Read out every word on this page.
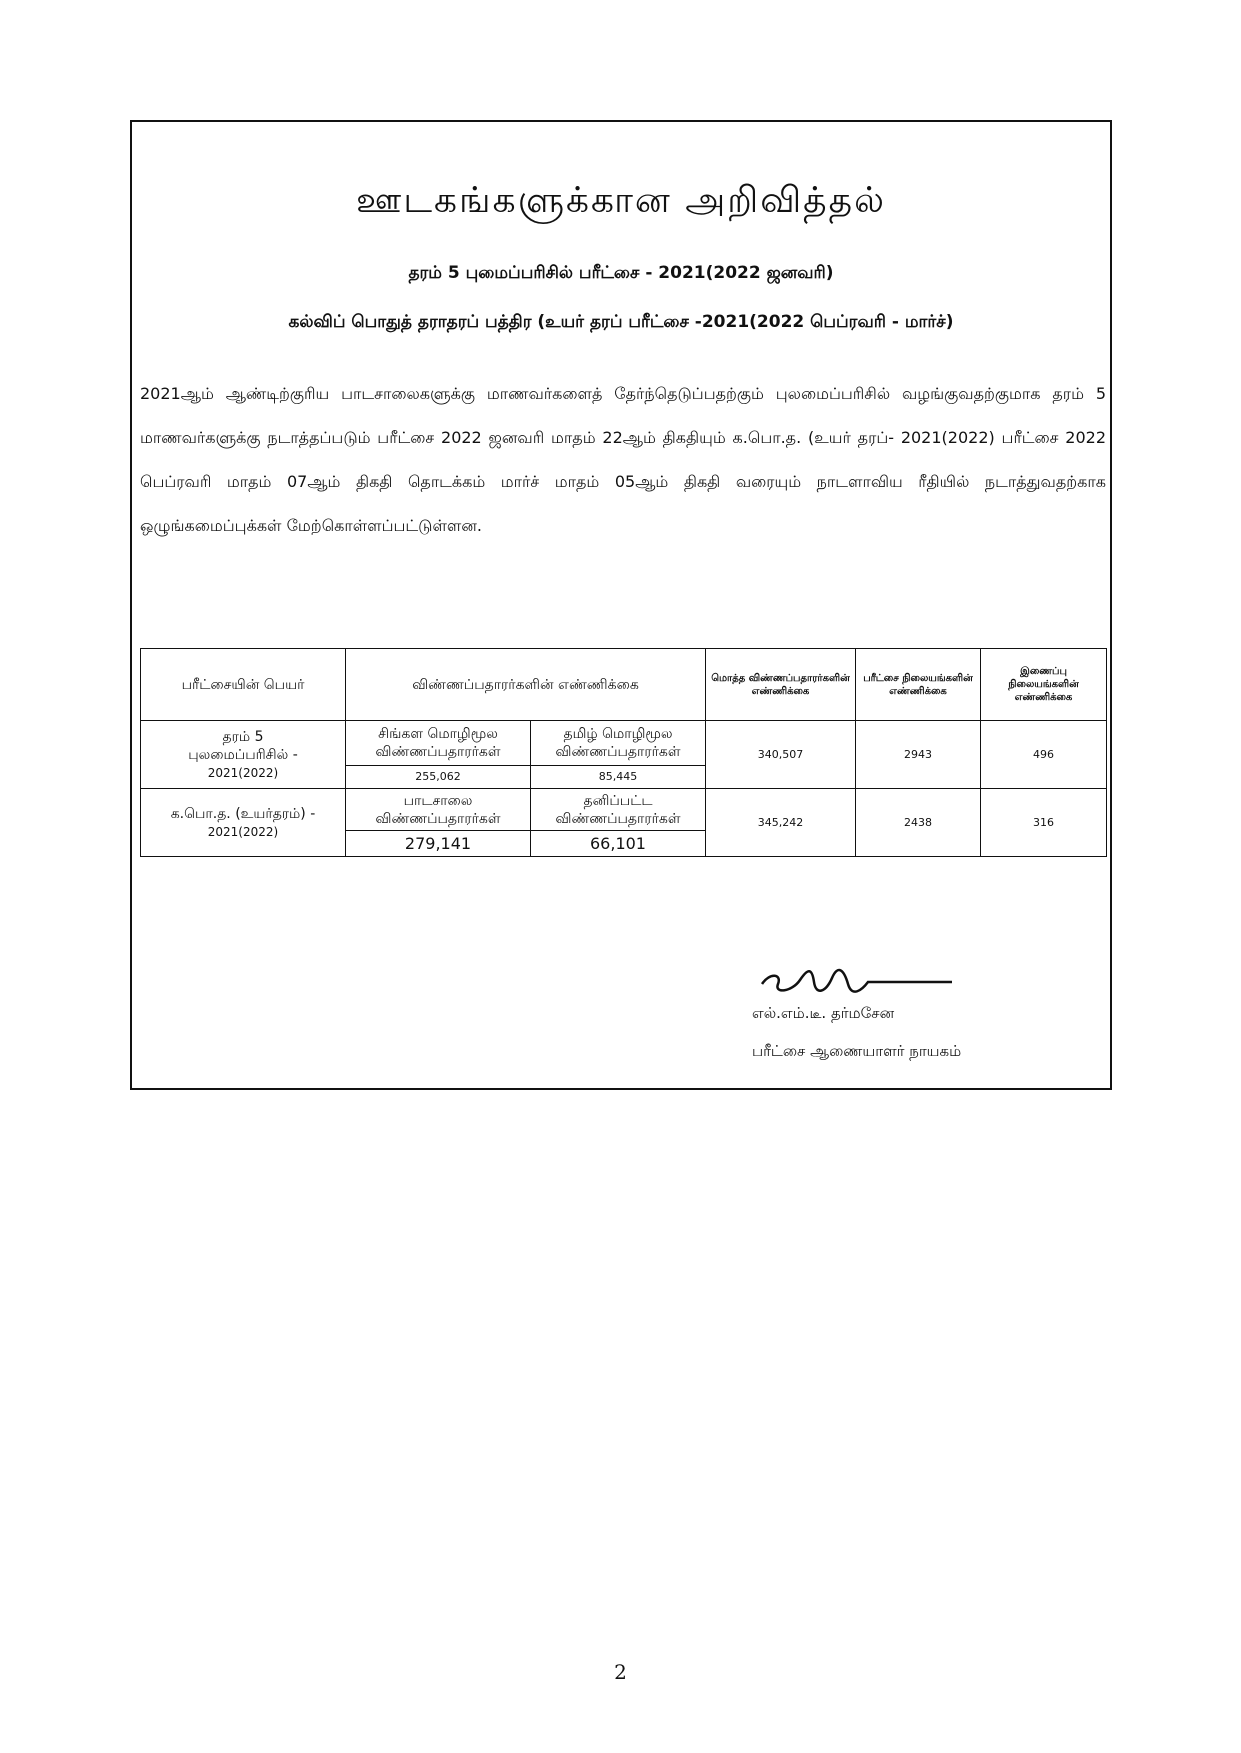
ஊடகங்களுக்கான அறிவித்தல்
தரம் 5 புமைப்பரிசில் பரீட்சை - 2021(2022 ஜனவரி)
கல்விப் பொதுத் தராதரப் பத்திர (உயர் தரப் பரீட்சை -2021(2022 பெப்ரவரி - மார்ச்)

2021ஆம் ஆண்டிற்குரிய பாடசாலைகளுக்கு மாணவர்களைத் தேர்ந்தெடுப்பதற்கும் புலமைப்பரிசில் வழங்குவதற்குமாக தரம் 5 மாணவர்களுக்கு நடாத்தப்படும் பரீட்சை 2022 ஜனவரி மாதம் 22ஆம் திகதியும் க.பொ.த. (உயர் தரப்- 2021(2022) பரீட்சை 2022 பெப்ரவரி மாதம் 07ஆம் திகதி தொடக்கம் மார்ச் மாதம் 05ஆம் திகதி வரையும் நாடளாவிய ரீதியில் நடாத்துவதற்காக ஒழுங்கமைப்புக்கள் மேற்கொள்ளப்பட்டுள்ளன.

பரீட்சையின் பெயர்	விண்ணப்பதாரர்களின் எண்ணிக்கை		மொத்த விண்ணப்பதாரர்களின் எண்ணிக்கை	பரீட்சை நிலையங்களின் எண்ணிக்கை	இணைப்பு நிலையங்களின் எண்ணிக்கை

தரம் 5
புலமைப்பரிசில் -
2021(2022)	சிங்கள மொழிமூல விண்ணப்பதாரர்கள்	தமிழ் மொழிமூல விண்ணப்பதாரர்கள்	340,507	2943	496
	255,062	85,445			

க.பொ.த. (உயர்தரம்) -
2021(2022)	பாடசாலை விண்ணப்பதாரர்கள்	தனிப்பட்ட விண்ணப்பதாரர்கள்	345,242	2438	316
	279,141	66,101			
எல்.எம்.டீ. தர்மசேன
பரீட்சை ஆணையாளர் நாயகம்
2
